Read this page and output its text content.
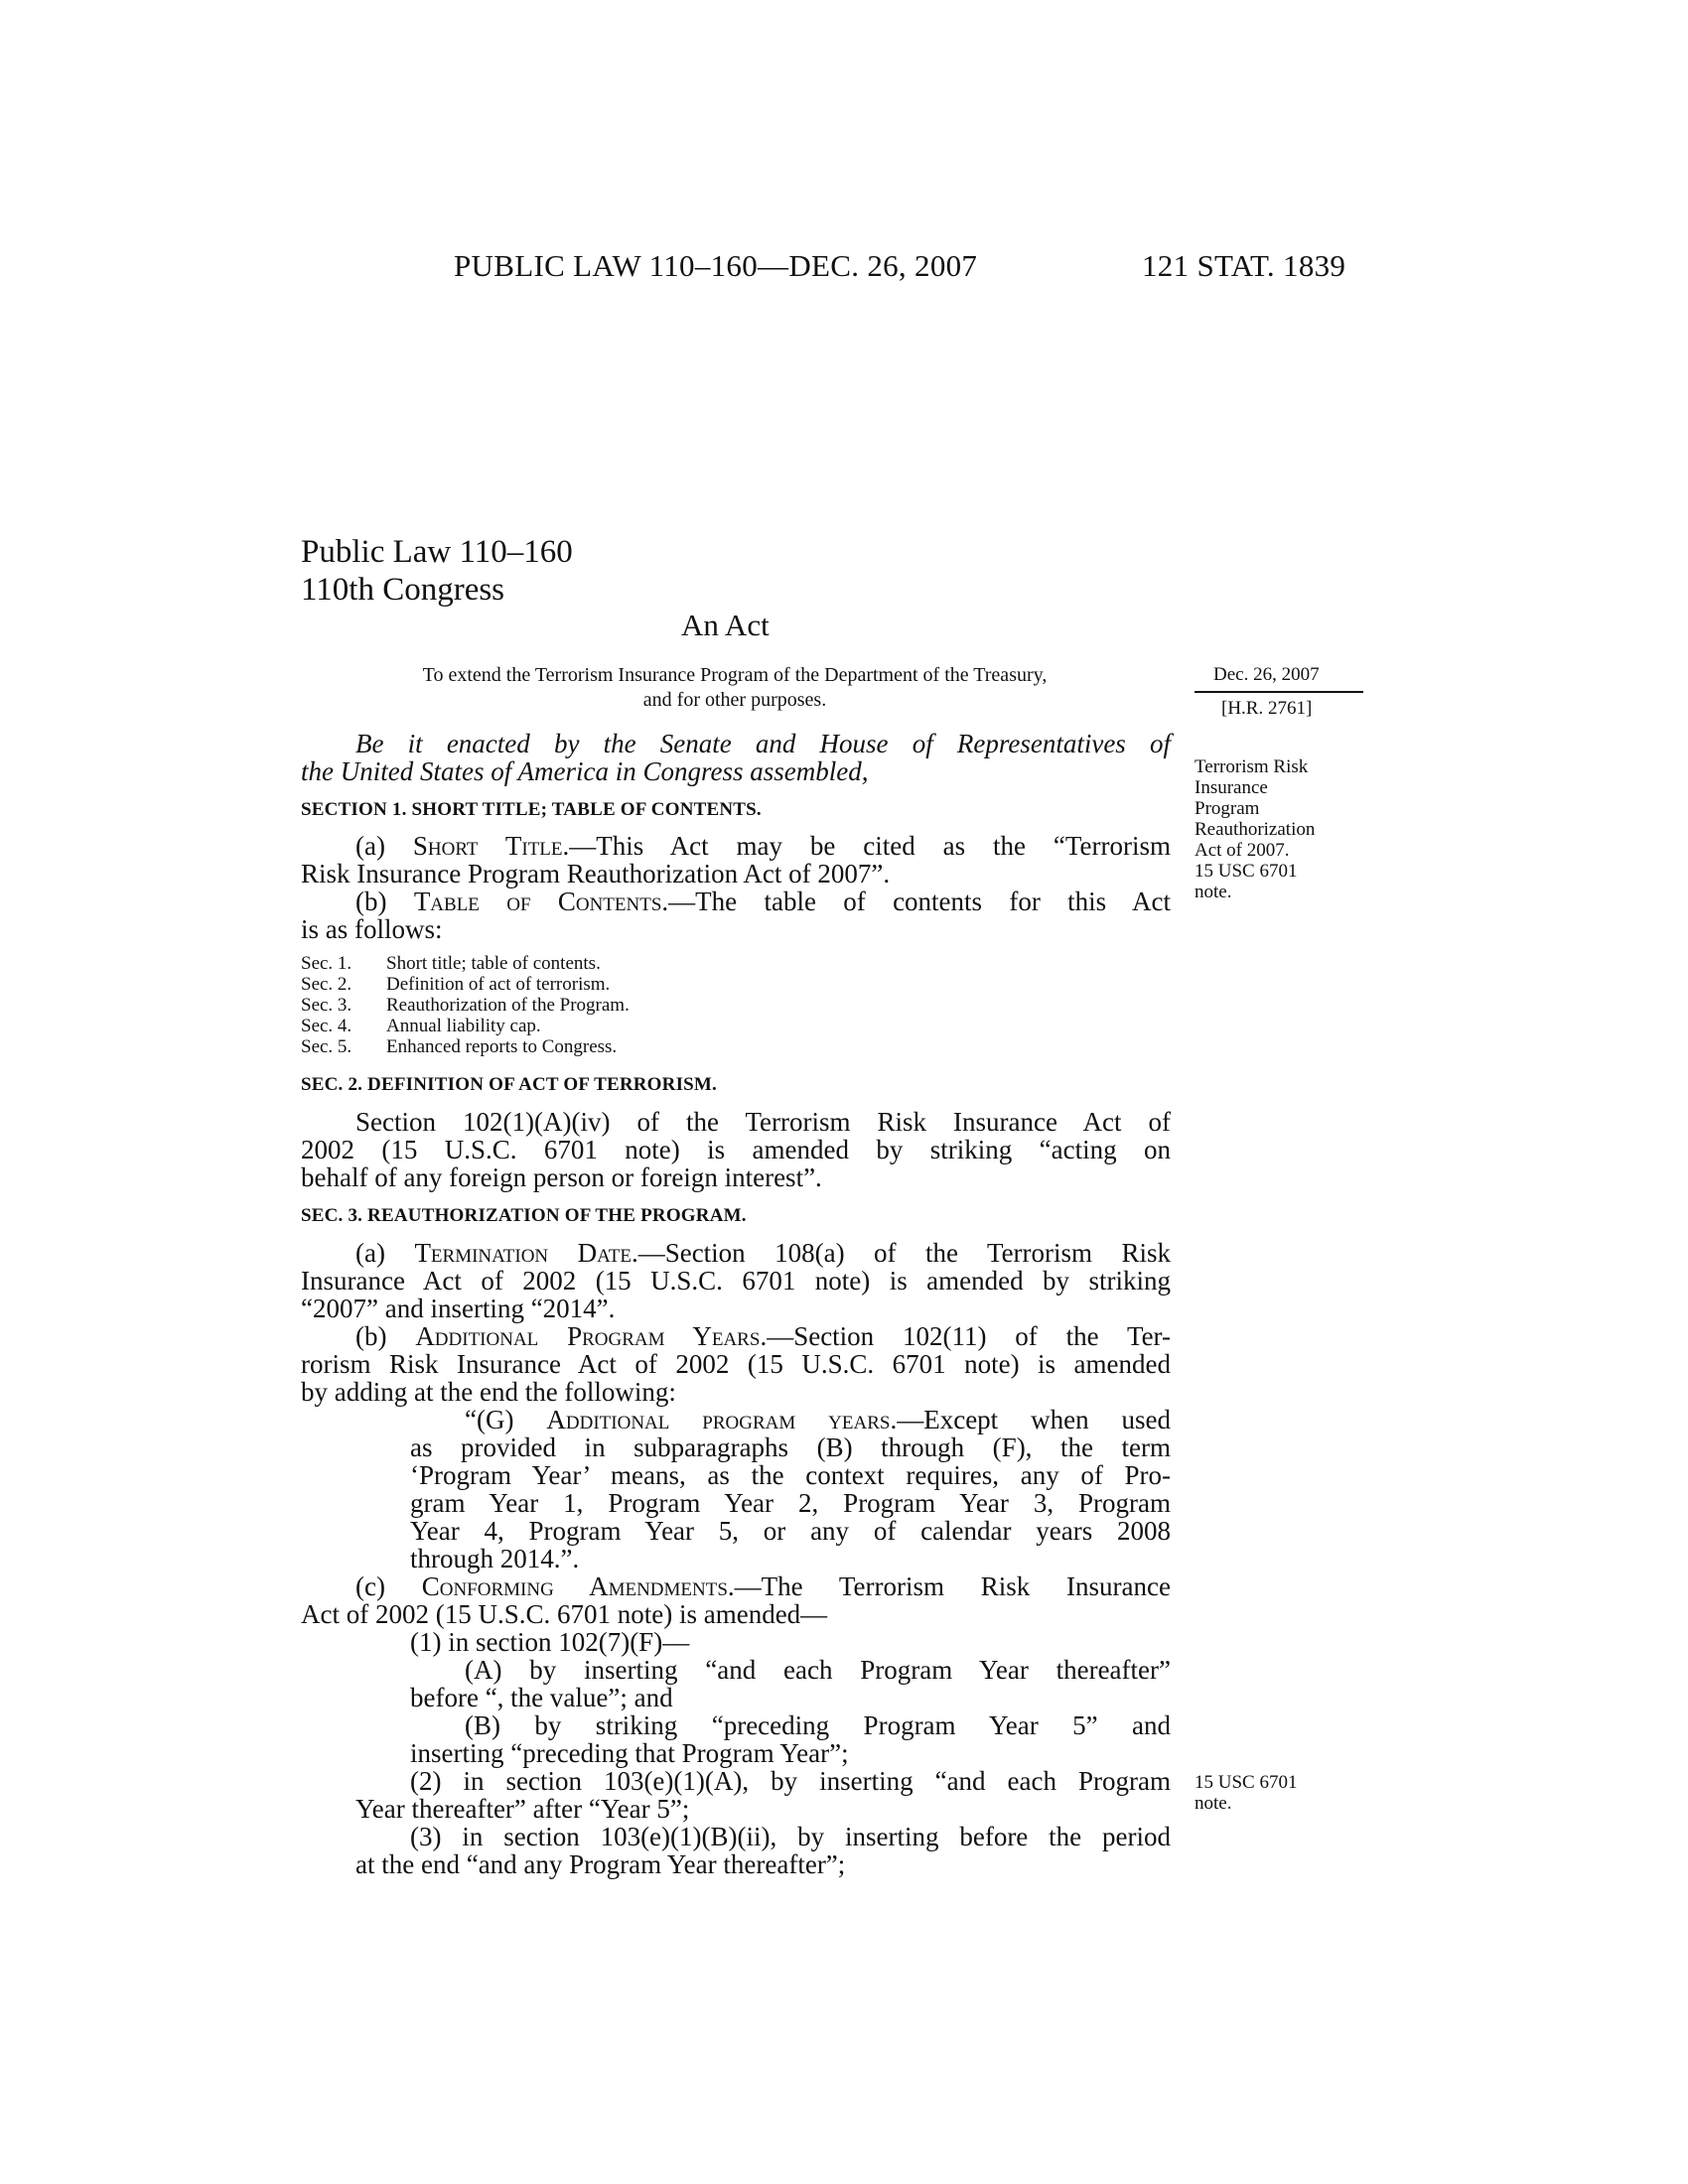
PUBLIC LAW 110–160—DEC. 26, 2007	121 STAT. 1839
Public Law 110–160
110th Congress
An Act
To extend the Terrorism Insurance Program of the Department of the Treasury,
and for other purposes.
Dec. 26, 2007
[H.R. 2761]
Terrorism Risk
Insurance
Program
Reauthorization
Act of 2007.
15 USC 6701
note.
15 USC 6701
note.
Be it enacted by the Senate and House of Representatives of
the United States of America in Congress assembled,
SECTION 1. SHORT TITLE; TABLE OF CONTENTS.
(a) Short Title.—This Act may be cited as the “Terrorism
Risk Insurance Program Reauthorization Act of 2007”.
(b) Table of Contents.—The table of contents for this Act
is as follows:
Sec. 1. Short title; table of contents.
Sec. 2. Definition of act of terrorism.
Sec. 3. Reauthorization of the Program.
Sec. 4. Annual liability cap.
Sec. 5. Enhanced reports to Congress.
SEC. 2. DEFINITION OF ACT OF TERRORISM.
Section 102(1)(A)(iv) of the Terrorism Risk Insurance Act of
2002 (15 U.S.C. 6701 note) is amended by striking “acting on
behalf of any foreign person or foreign interest”.
SEC. 3. REAUTHORIZATION OF THE PROGRAM.
(a) Termination Date.—Section 108(a) of the Terrorism Risk
Insurance Act of 2002 (15 U.S.C. 6701 note) is amended by striking
“2007” and inserting “2014”.
(b) Additional Program Years.—Section 102(11) of the Ter-
rorism Risk Insurance Act of 2002 (15 U.S.C. 6701 note) is amended
by adding at the end the following:
“(G) Additional program years.—Except when used
as provided in subparagraphs (B) through (F), the term
‘Program Year’ means, as the context requires, any of Pro-
gram Year 1, Program Year 2, Program Year 3, Program
Year 4, Program Year 5, or any of calendar years 2008
through 2014.”.
(c) Conforming Amendments.—The Terrorism Risk Insurance
Act of 2002 (15 U.S.C. 6701 note) is amended—
(1) in section 102(7)(F)—
(A) by inserting “and each Program Year thereafter”
before “, the value”; and
(B) by striking “preceding Program Year 5” and
inserting “preceding that Program Year”;
(2) in section 103(e)(1)(A), by inserting “and each Program
Year thereafter” after “Year 5”;
(3) in section 103(e)(1)(B)(ii), by inserting before the period
at the end “and any Program Year thereafter”;
